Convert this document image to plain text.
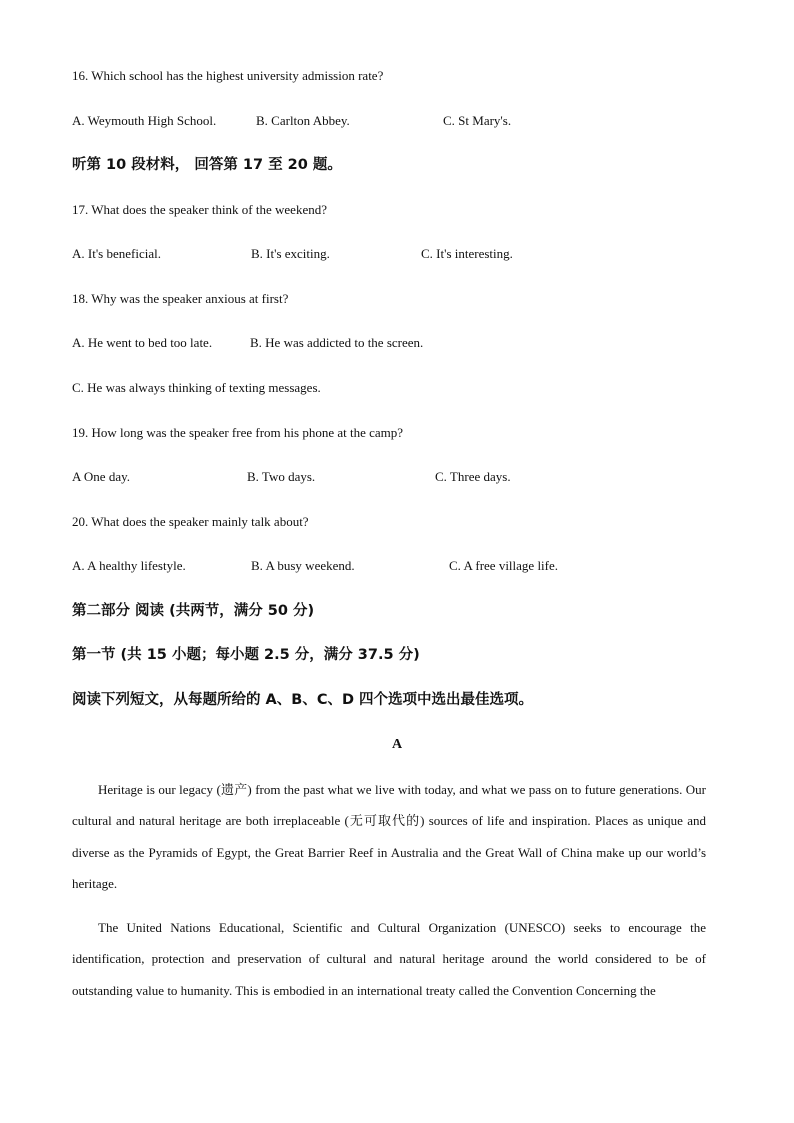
16. Which school has the highest university admission rate?
A. Weymouth High School.	B. Carlton Abbey.	C. St Mary's.
听第 10 段材料， 回答第 17 至 20 题。
17. What does the speaker think of the weekend?
A. It's beneficial.	B. It's exciting.	C. It's interesting.
18. Why was the speaker anxious at first?
A. He went to bed too late.	B. He was addicted to the screen.
C. He was always thinking of texting messages.
19. How long was the speaker free from his phone at the camp?
A One day.	B. Two days.	C. Three days.
20. What does the speaker mainly talk about?
A. A healthy lifestyle.	B. A busy weekend.	C. A free village life.
第二部分 阅读 (共两节，满分 50 分)
第一节 (共 15 小题；每小题 2.5 分，满分 37.5 分)
阅读下列短文，从每题所给的 A、B、C、D 四个选项中选出最佳选项。
A

Heritage is our legacy (遗产) from the past what we live with today, and what we pass on to future generations. Our cultural and natural heritage are both irreplaceable (无可取代的) sources of life and inspiration. Places as unique and diverse as the Pyramids of Egypt, the Great Barrier Reef in Australia and the Great Wall of China make up our world’s heritage.

The United Nations Educational, Scientific and Cultural Organization (UNESCO) seeks to encourage the identification, protection and preservation of cultural and natural heritage around the world considered to be of outstanding value to humanity. This is embodied in an international treaty called the Convention Concerning the
